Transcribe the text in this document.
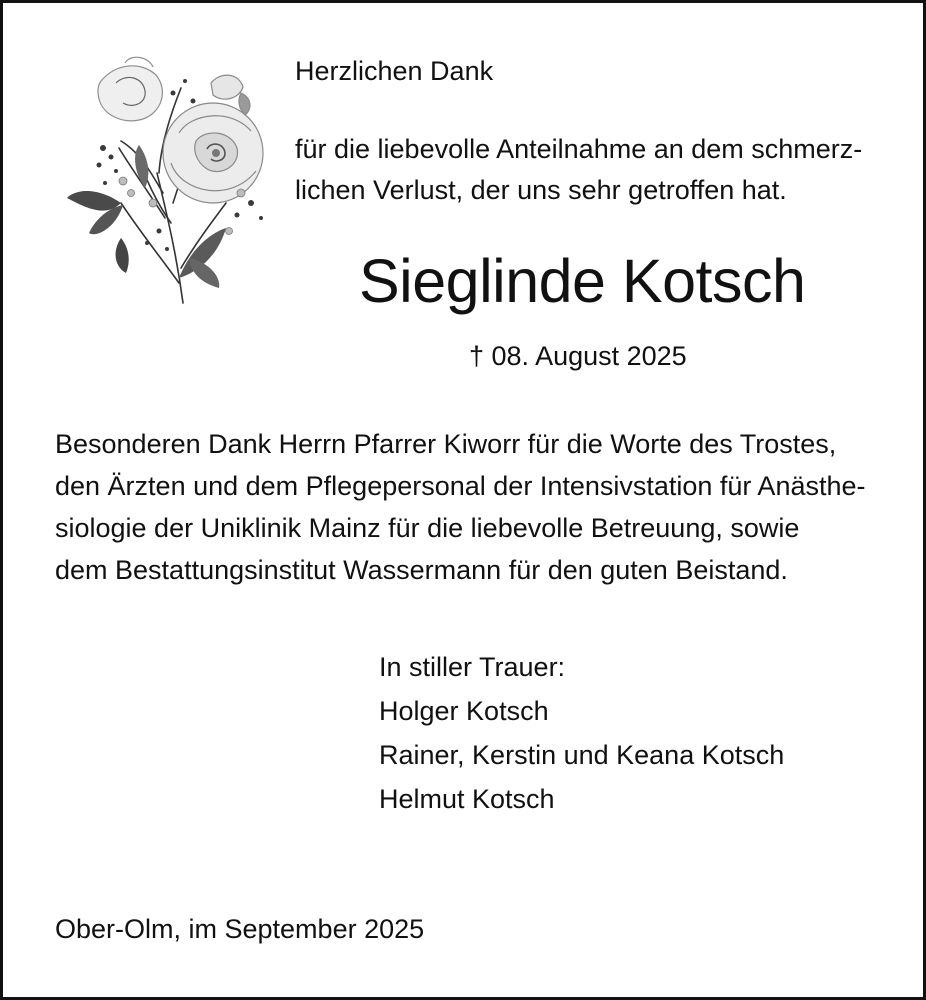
Herzlichen Dank

für die liebevolle Anteilnahme an dem schmerz-
lichen Verlust, der uns sehr getroffen hat.

Sieglinde Kotsch

† 08. August 2025

Besonderen Dank Herrn Pfarrer Kiworr für die Worte des Trostes,
den Ärzten und dem Pflegepersonal der Intensivstation für Anästhe-
siologie der Uniklinik Mainz für die liebevolle Betreuung, sowie
dem Bestattungsinstitut Wassermann für den guten Beistand.

In stiller Trauer:
Holger Kotsch
Rainer, Kerstin und Keana Kotsch
Helmut Kotsch

Ober-Olm, im September 2025
